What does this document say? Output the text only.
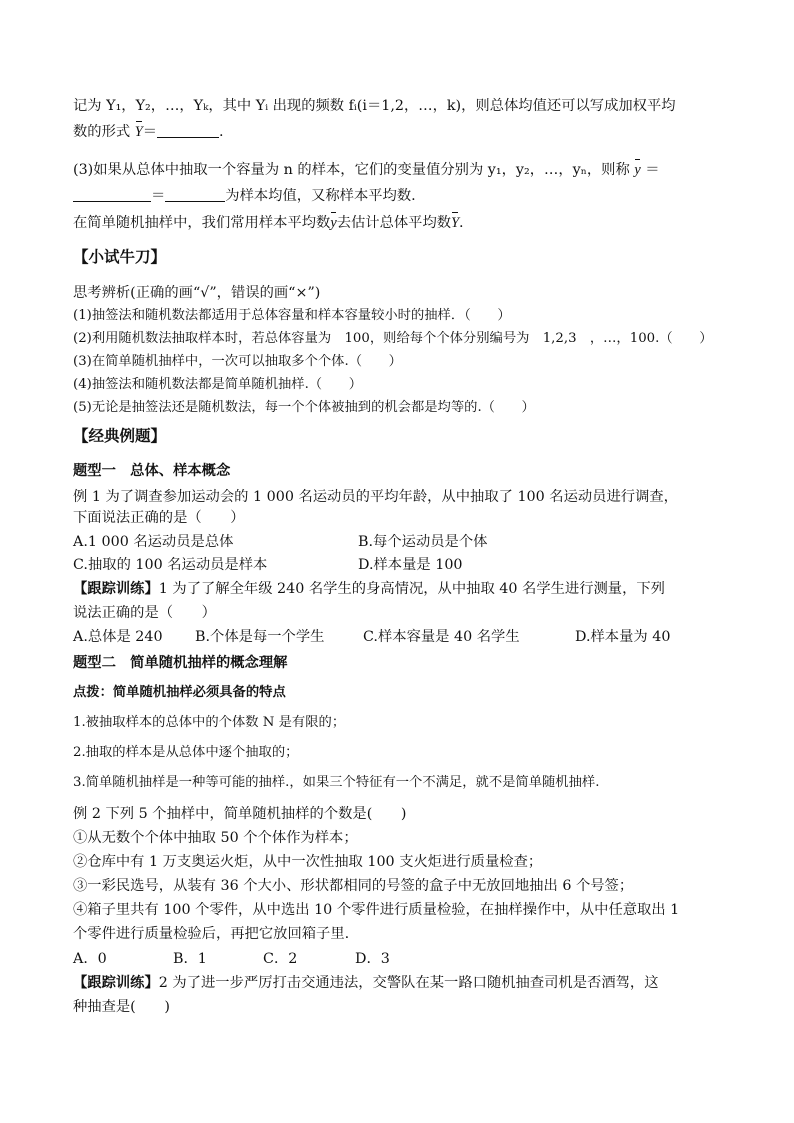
记为 Y₁，Y₂，…，Yₖ，其中 Yᵢ 出现的频数 fᵢ(i＝1,2，…，k)，则总体均值还可以写成加权平均
数的形式 Y＝	.
(3)如果从总体中抽取一个容量为 n 的样本，它们的变量值分别为 y₁，y₂，…，yₙ，则称 y ＝
＝	为样本均值，又称样本平均数.
在简单随机抽样中，我们常用样本平均数y去估计总体平均数Y.
【小试牛刀】
思考辨析(正确的画“√”，错误的画“×”)
(1)抽签法和随机数法都适用于总体容量和样本容量较小时的抽样．（　　）
(2)利用随机数法抽取样本时，若总体容量为　100，则给每个个体分别编号为　1,2,3　，…，100.（　　）
(3)在简单随机抽样中，一次可以抽取多个个体.（　　）
(4)抽签法和随机数法都是简单随机抽样.（　　）
(5)无论是抽签法还是随机数法，每一个个体被抽到的机会都是均等的.（　　）
【经典例题】
题型一　总体、样本概念
例 1 为了调查参加运动会的 1 000 名运动员的平均年龄，从中抽取了 100 名运动员进行调查，
下面说法正确的是（　　）
A.1 000 名运动员是总体	B.每个运动员是个体
C.抽取的 100 名运动员是样本	D.样本量是 100
【跟踪训练】1 为了了解全年级 240 名学生的身高情况，从中抽取 40 名学生进行测量，下列
说法正确的是（　　）
A.总体是 240 B.个体是每一个学生	C.样本容量是 40 名学生	D.样本量为 40
题型二　简单随机抽样的概念理解
点拨：简单随机抽样必须具备的特点
1.被抽取样本的总体中的个体数 N 是有限的；
2.抽取的样本是从总体中逐个抽取的；
3.简单随机抽样是一种等可能的抽样.，如果三个特征有一个不满足，就不是简单随机抽样.
例 2 下列 5 个抽样中，简单随机抽样的个数是(　　)
①从无数个个体中抽取 50 个个体作为样本；
②仓库中有 1 万支奥运火炬，从中一次性抽取 100 支火炬进行质量检查；
③一彩民选号，从装有 36 个大小、形状都相同的号签的盒子中无放回地抽出 6 个号签；
④箱子里共有 100 个零件，从中选出 10 个零件进行质量检验，在抽样操作中，从中任意取出 1
个零件进行质量检验后，再把它放回箱子里.
A．0	B．1	C．2	D．3
【跟踪训练】2 为了进一步严厉打击交通违法，交警队在某一路口随机抽查司机是否酒驾，这
种抽查是(　　)
